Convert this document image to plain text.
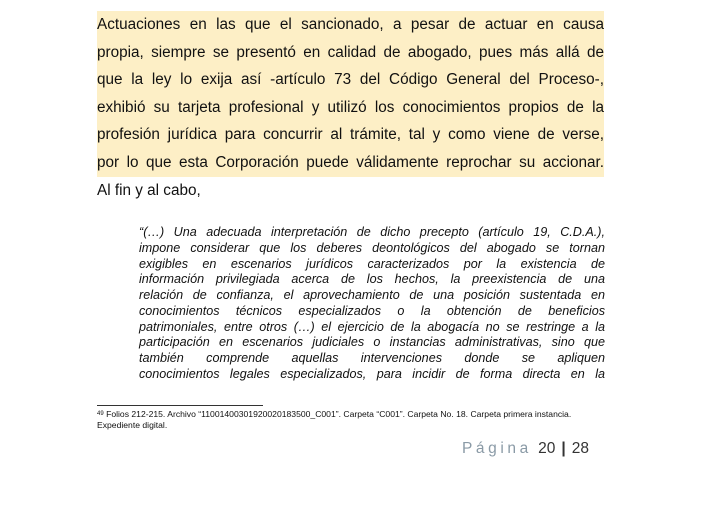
Actuaciones en las que el sancionado, a pesar de actuar en causa
propia, siempre se presentó en calidad de abogado, pues más allá de
que la ley lo exija así -artículo 73 del Código General del Proceso-,
exhibió su tarjeta profesional y utilizó los conocimientos propios de la
profesión jurídica para concurrir al trámite, tal y como viene de verse,
por lo que esta Corporación puede válidamente reprochar su accionar.
Al fin y al cabo,
“(…) Una adecuada interpretación de dicho precepto (artículo 19, C.D.A.),
impone considerar que los deberes deontológicos del abogado se tornan
exigibles en escenarios jurídicos caracterizados por la existencia de
información privilegiada acerca de los hechos, la preexistencia de una
relación de confianza, el aprovechamiento de una posición sustentada en
conocimientos técnicos especializados o la obtención de beneficios
patrimoniales, entre otros (…) el ejercicio de la abogacía no se restringe a la
participación en escenarios judiciales o instancias administrativas, sino que
también comprende aquellas intervenciones donde se apliquen
conocimientos legales especializados, para incidir de forma directa en la
$^{49}$ Folios 212-215. Archivo “11001400301920020183500_C001”. Carpeta “C001”. Carpeta No. 18. Carpeta primera instancia.
Expediente digital.
Página 20 | 28
